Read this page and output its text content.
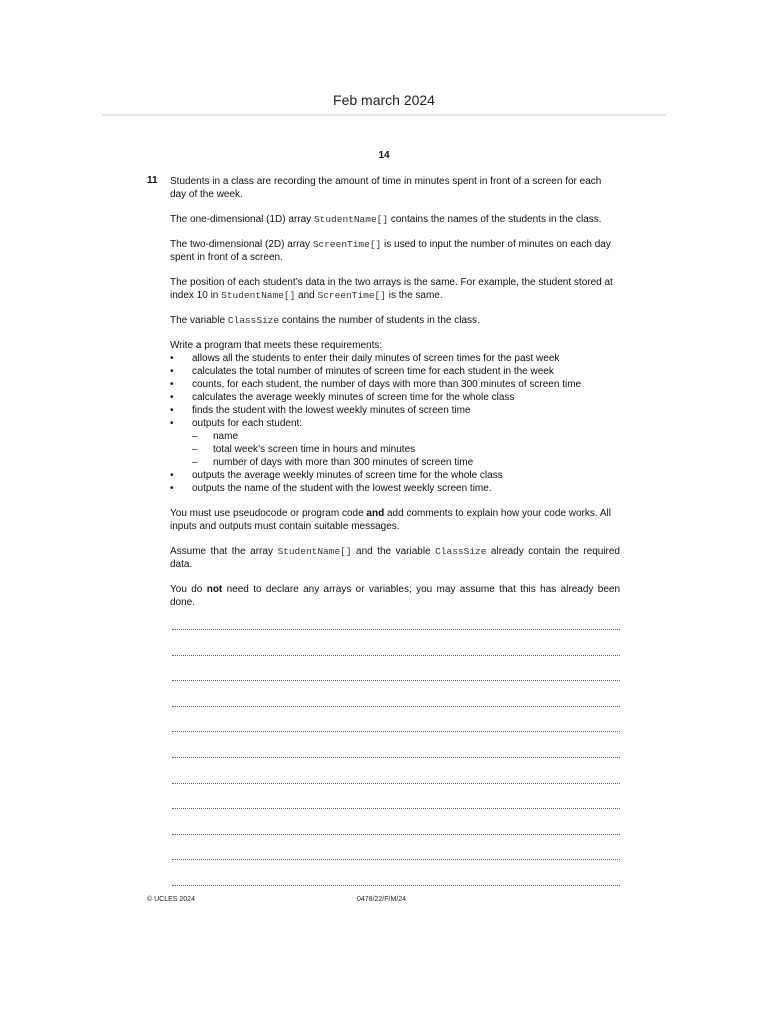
Feb march 2024
14
11 Students in a class are recording the amount of time in minutes spent in front of a screen for each day of the week.

The one-dimensional (1D) array StudentName[] contains the names of the students in the class.

The two-dimensional (2D) array ScreenTime[] is used to input the number of minutes on each day spent in front of a screen.

The position of each student’s data in the two arrays is the same. For example, the student stored at index 10 in StudentName[] and ScreenTime[] is the same.

The variable ClassSize contains the number of students in the class.

Write a program that meets these requirements:

• allows all the students to enter their daily minutes of screen times for the past week
• calculates the total number of minutes of screen time for each student in the week
• counts, for each student, the number of days with more than 300 minutes of screen time
• calculates the average weekly minutes of screen time for the whole class
• finds the student with the lowest weekly minutes of screen time
• outputs for each student:
– name
– total week’s screen time in hours and minutes
– number of days with more than 300 minutes of screen time
• outputs the average weekly minutes of screen time for the whole class
• outputs the name of the student with the lowest weekly screen time.

You must use pseudocode or program code and add comments to explain how your code works. All inputs and outputs must contain suitable messages.

Assume that the array StudentName[] and the variable ClassSize already contain the required data.

You do not need to declare any arrays or variables; you may assume that this has already been done.

© UCLES 2024	0478/22/F/M/24
